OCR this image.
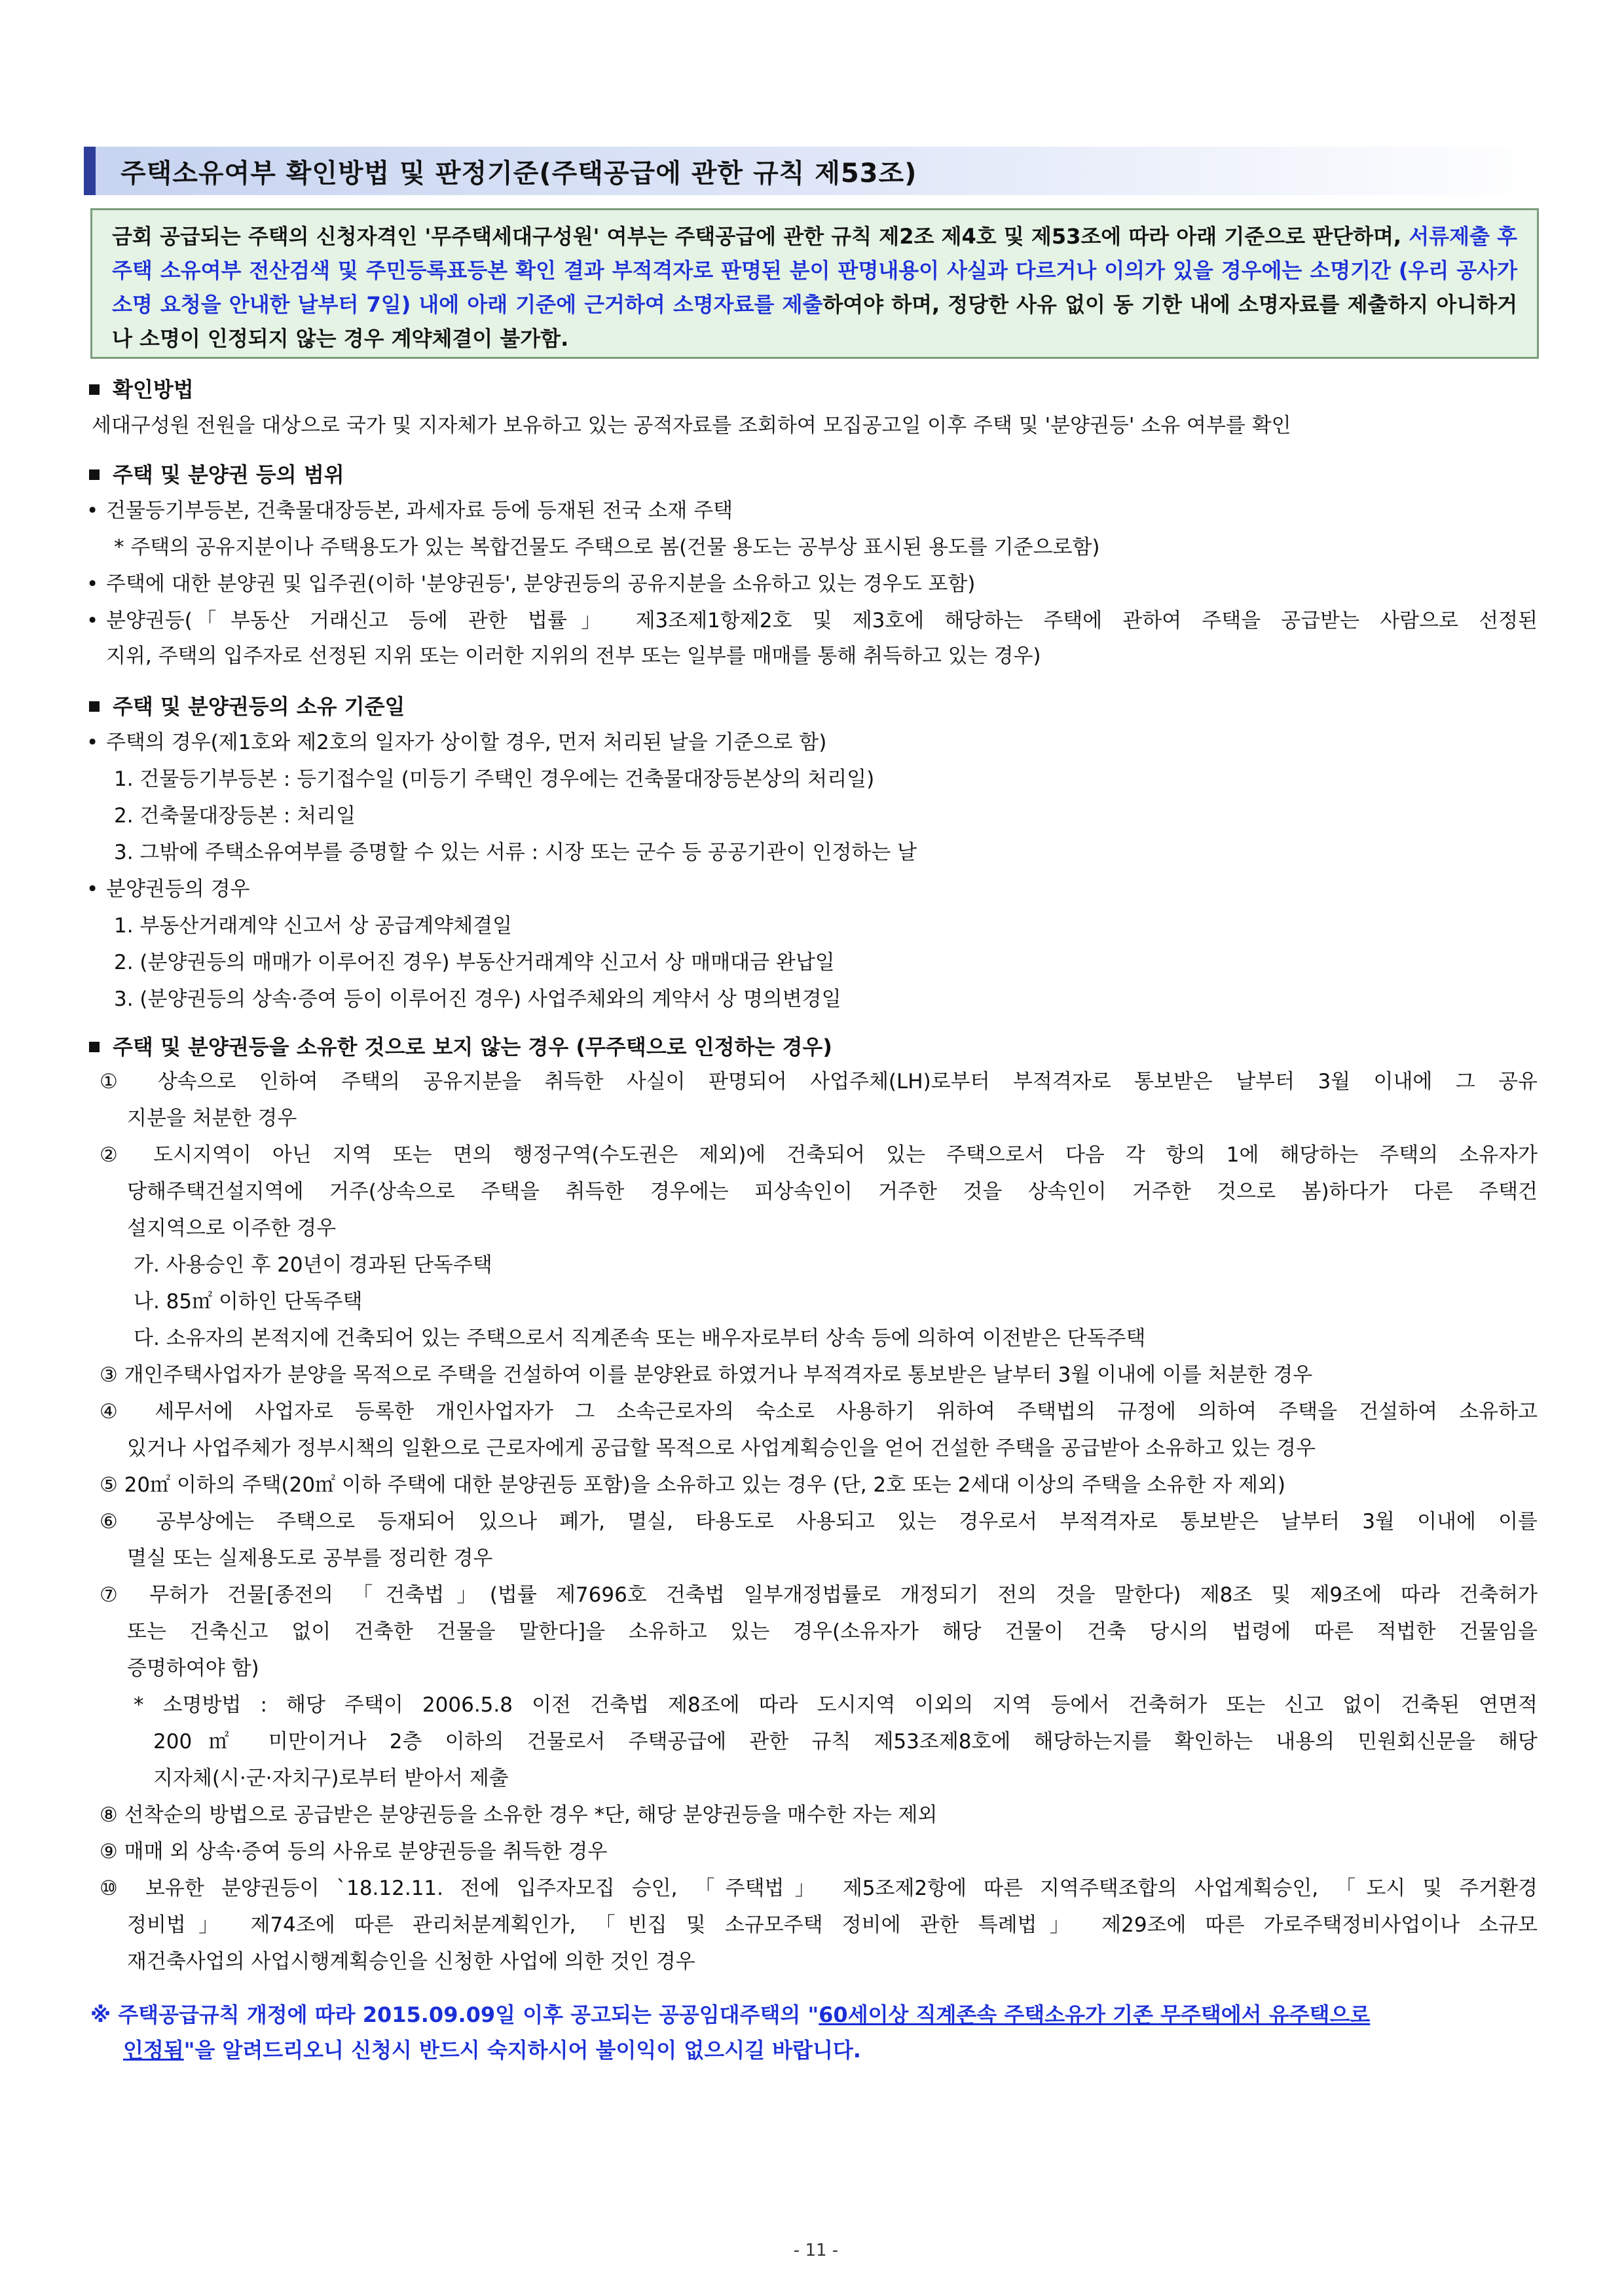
주택소유여부 확인방법 및 판정기준(주택공급에 관한 규칙 제53조)
금회 공급되는 주택의 신청자격인 '무주택세대구성원' 여부는 주택공급에 관한 규칙 제2조 제4호 및 제53조에 따라 아래 기준으로 판단하며, 서류제출 후 주택 소유여부 전산검색 및 주민등록표등본 확인 결과 부적격자로 판명된 분이 판명내용이 사실과 다르거나 이의가 있을 경우에는 소명기간 (우리 공사가 소명 요청을 안내한 날부터 7일) 내에 아래 기준에 근거하여 소명자료를 제출하여야 하며, 정당한 사유 없이 동 기한 내에 소명자료를 제출하지 아니하거나 소명이 인정되지 않는 경우 계약체결이 불가함.
확인방법
세대구성원 전원을 대상으로 국가 및 지자체가 보유하고 있는 공적자료를 조회하여 모집공고일 이후 주택 및 '분양권등' 소유 여부를 확인
주택 및 분양권 등의 범위
• 건물등기부등본, 건축물대장등본, 과세자료 등에 등재된 전국 소재 주택
* 주택의 공유지분이나 주택용도가 있는 복합건물도 주택으로 봄(건물 용도는 공부상 표시된 용도를 기준으로함)
• 주택에 대한 분양권 및 입주권(이하 '분양권등', 분양권등의 공유지분을 소유하고 있는 경우도 포함)
• 분양권등(「부동산 거래신고 등에 관한 법률」 제3조제1항제2호 및 제3호에 해당하는 주택에 관하여 주택을 공급받는 사람으로 선정된
지위, 주택의 입주자로 선정된 지위 또는 이러한 지위의 전부 또는 일부를 매매를 통해 취득하고 있는 경우)
주택 및 분양권등의 소유 기준일
• 주택의 경우(제1호와 제2호의 일자가 상이할 경우, 먼저 처리된 날을 기준으로 함)
1. 건물등기부등본 : 등기접수일 (미등기 주택인 경우에는 건축물대장등본상의 처리일)
2. 건축물대장등본 : 처리일
3. 그밖에 주택소유여부를 증명할 수 있는 서류 : 시장 또는 군수 등 공공기관이 인정하는 날
• 분양권등의 경우
1. 부동산거래계약 신고서 상 공급계약체결일
2. (분양권등의 매매가 이루어진 경우) 부동산거래계약 신고서 상 매매대금 완납일
3. (분양권등의 상속·증여 등이 이루어진 경우) 사업주체와의 계약서 상 명의변경일
주택 및 분양권등을 소유한 것으로 보지 않는 경우 (무주택으로 인정하는 경우)
① 상속으로 인하여 주택의 공유지분을 취득한 사실이 판명되어 사업주체(LH)로부터 부적격자로 통보받은 날부터 3월 이내에 그 공유
지분을 처분한 경우
② 도시지역이 아닌 지역 또는 면의 행정구역(수도권은 제외)에 건축되어 있는 주택으로서 다음 각 항의 1에 해당하는 주택의 소유자가
당해주택건설지역에 거주(상속으로 주택을 취득한 경우에는 피상속인이 거주한 것을 상속인이 거주한 것으로 봄)하다가 다른 주택건
설지역으로 이주한 경우
가. 사용승인 후 20년이 경과된 단독주택
나. 85㎡ 이하인 단독주택
다. 소유자의 본적지에 건축되어 있는 주택으로서 직계존속 또는 배우자로부터 상속 등에 의하여 이전받은 단독주택
③ 개인주택사업자가 분양을 목적으로 주택을 건설하여 이를 분양완료 하였거나 부적격자로 통보받은 날부터 3월 이내에 이를 처분한 경우
④ 세무서에 사업자로 등록한 개인사업자가 그 소속근로자의 숙소로 사용하기 위하여 주택법의 규정에 의하여 주택을 건설하여 소유하고
있거나 사업주체가 정부시책의 일환으로 근로자에게 공급할 목적으로 사업계획승인을 얻어 건설한 주택을 공급받아 소유하고 있는 경우
⑤ 20㎡ 이하의 주택(20㎡ 이하 주택에 대한 분양권등 포함)을 소유하고 있는 경우 (단, 2호 또는 2세대 이상의 주택을 소유한 자 제외)
⑥ 공부상에는 주택으로 등재되어 있으나 폐가, 멸실, 타용도로 사용되고 있는 경우로서 부적격자로 통보받은 날부터 3월 이내에 이를
멸실 또는 실제용도로 공부를 정리한 경우
⑦ 무허가 건물[종전의 「건축법」(법률 제7696호 건축법 일부개정법률로 개정되기 전의 것을 말한다) 제8조 및 제9조에 따라 건축허가
또는 건축신고 없이 건축한 건물을 말한다]을 소유하고 있는 경우(소유자가 해당 건물이 건축 당시의 법령에 따른 적법한 건물임을
증명하여야 함)
* 소명방법 : 해당 주택이 2006.5.8 이전 건축법 제8조에 따라 도시지역 이외의 지역 등에서 건축허가 또는 신고 없이 건축된 연면적
200㎡ 미만이거나 2층 이하의 건물로서 주택공급에 관한 규칙 제53조제8호에 해당하는지를 확인하는 내용의 민원회신문을 해당
지자체(시·군·자치구)로부터 받아서 제출
⑧ 선착순의 방법으로 공급받은 분양권등을 소유한 경우 *단, 해당 분양권등을 매수한 자는 제외
⑨ 매매 외 상속·증여 등의 사유로 분양권등을 취득한 경우
⑩ 보유한 분양권등이 `18.12.11. 전에 입주자모집 승인, 「주택법」 제5조제2항에 따른 지역주택조합의 사업계획승인, 「도시 및 주거환경
정비법」 제74조에 따른 관리처분계획인가, 「빈집 및 소규모주택 정비에 관한 특례법」 제29조에 따른 가로주택정비사업이나 소규모
재건축사업의 사업시행계획승인을 신청한 사업에 의한 것인 경우
※ 주택공급규칙 개정에 따라 2015.09.09일 이후 공고되는 공공임대주택의 "60세이상 직계존속 주택소유가 기존 무주택에서 유주택으로
인정됨"을 알려드리오니 신청시 반드시 숙지하시어 불이익이 없으시길 바랍니다.
- 11 -
